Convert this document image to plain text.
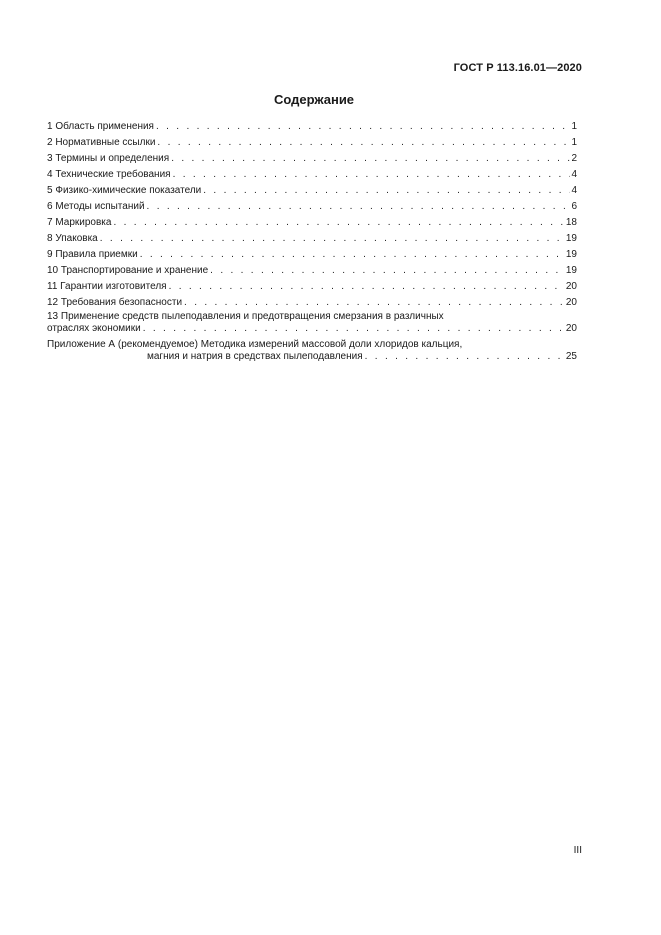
ГОСТ Р 113.16.01—2020
Содержание
1 Область применения . . .	1
2 Нормативные ссылки . . .	1
3 Термины и определения . . .	2
4 Технические требования . . .	4
5 Физико-химические показатели . . .	4
6 Методы испытаний . . .	6
7 Маркировка . . .	18
8 Упаковка . . .	19
9 Правила приемки . . .	19
10 Транспортирование и хранение . . .	19
11 Гарантии изготовителя . . .	20
12 Требования безопасности . . .	20
13 Применение средств пылеподавления и предотвращения смерзания в различных
отраслях экономики . . .	20
Приложение А (рекомендуемое) Методика измерений массовой доли хлоридов кальция,
магния и натрия в средствах пылеподавления . . .	25
III
